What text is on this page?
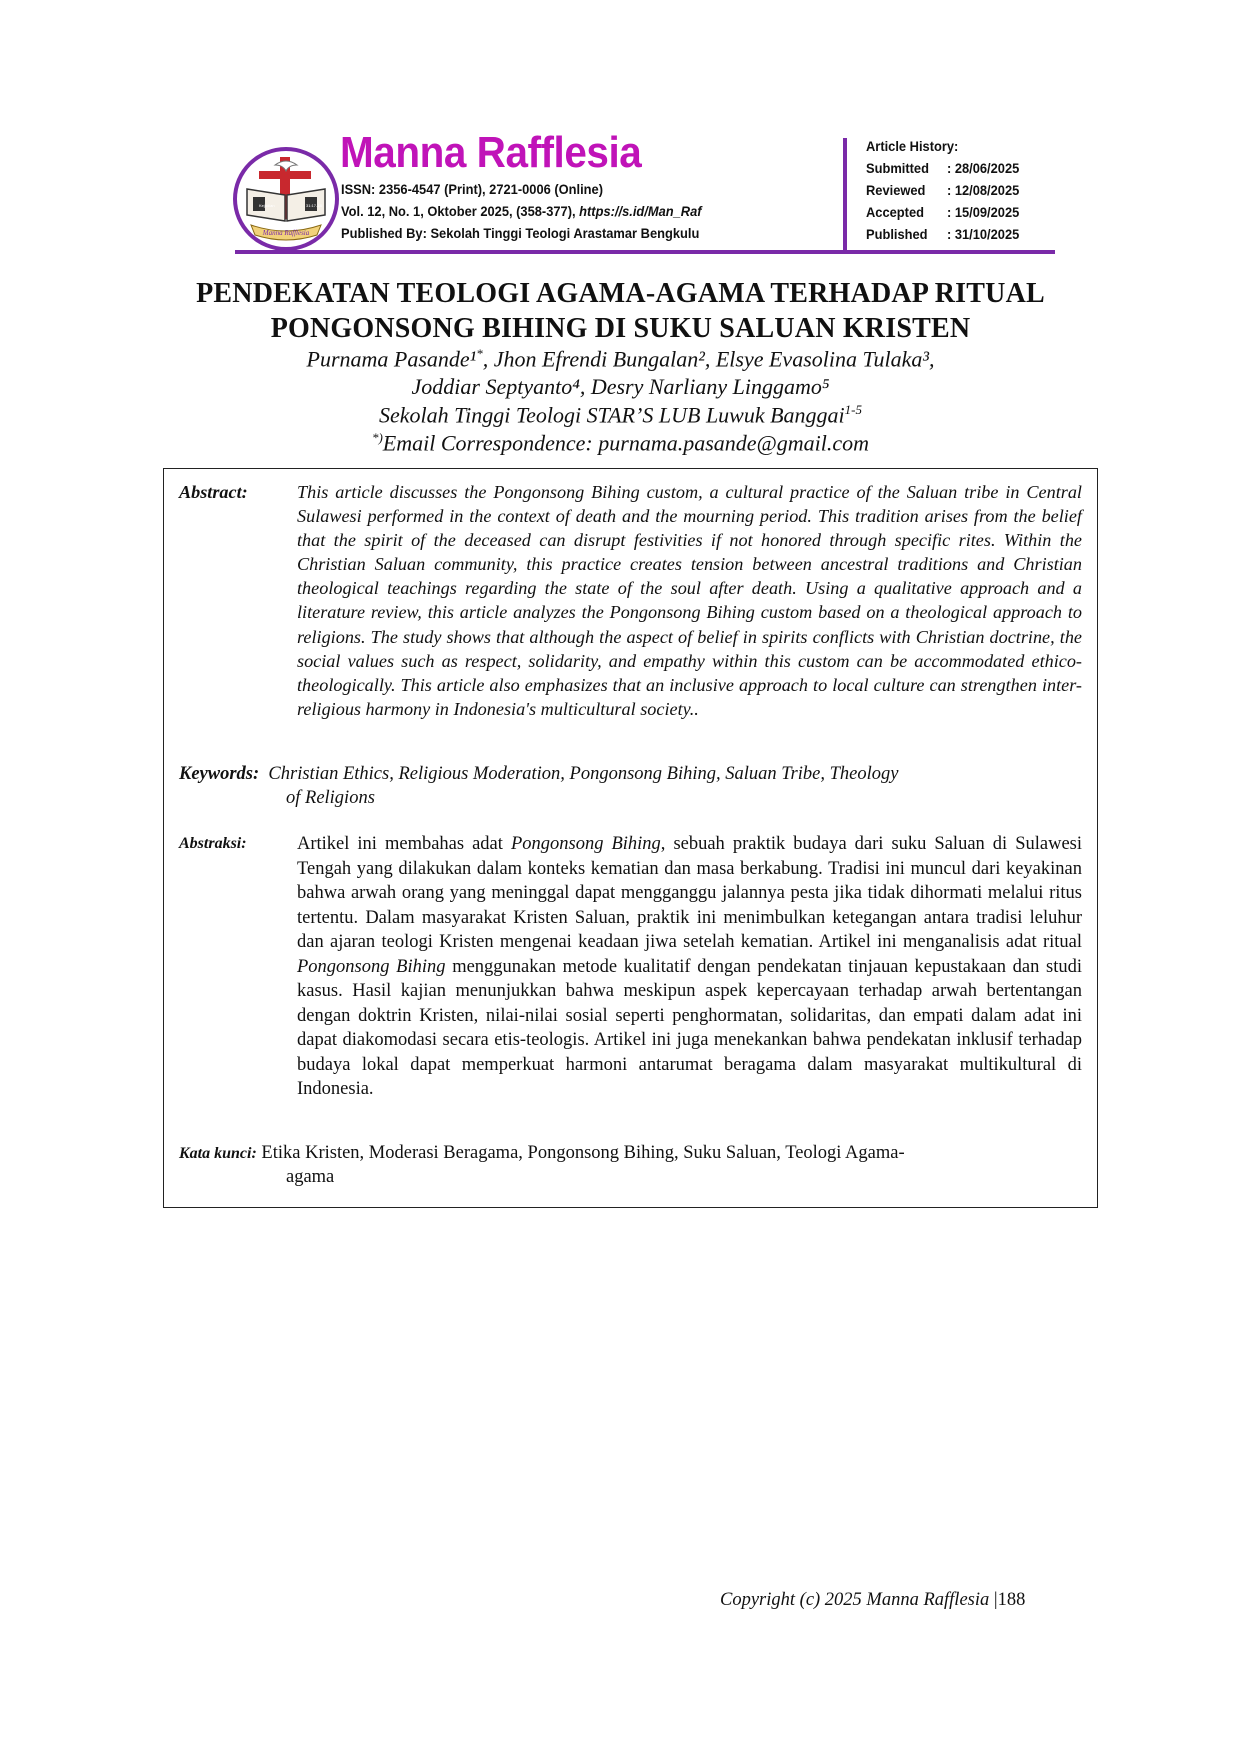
Manna Rafflesia
Kejadian	31:17-18
Manna Rafflesia
ISSN: 2356-4547 (Print), 2721-0006 (Online)
Vol. 12, No. 1, Oktober 2025, (358-377), https://s.id/Man_Raf
Published By: Sekolah Tinggi Teologi Arastamar Bengkulu
Article History:
Submitted : 28/06/2025
Reviewed : 12/08/2025
Accepted : 15/09/2025
Published : 31/10/2025
PENDEKATAN TEOLOGI AGAMA-AGAMA TERHADAP RITUAL
PONGONSONG BIHING DI SUKU SALUAN KRISTEN
Purnama Pasande¹*, Jhon Efrendi Bungalan², Elsye Evasolina Tulaka³,
Joddiar Septyanto⁴, Desry Narliany Linggamo⁵
Sekolah Tinggi Teologi STAR’S LUB Luwuk Banggai$^{1-5}$
*)Email Correspondence: purnama.pasande@gmail.com
Abstract:	This article discusses the Pongonsong Bihing custom, a cultural practice of the Saluan tribe in Central Sulawesi performed in the context of death and the mourning period. This tradition arises from the belief that the spirit of the deceased can disrupt festivities if not honored through specific rites. Within the Christian Saluan community, this practice creates tension between ancestral traditions and Christian theological teachings regarding the state of the soul after death. Using a qualitative approach and a literature review, this article analyzes the Pongonsong Bihing custom based on a theological approach to religions. The study shows that although the aspect of belief in spirits conflicts with Christian doctrine, the social values such as respect, solidarity, and empathy within this custom can be accommodated ethico-theologically. This article also emphasizes that an inclusive approach to local culture can strengthen inter-religious harmony in Indonesia's multicultural society..
Keywords: Christian Ethics, Religious Moderation, Pongonsong Bihing, Saluan Tribe, Theology
of Religions
Abstraksi:	Artikel ini membahas adat Pongonsong Bihing, sebuah praktik budaya dari suku Saluan di Sulawesi Tengah yang dilakukan dalam konteks kematian dan masa berkabung. Tradisi ini muncul dari keyakinan bahwa arwah orang yang meninggal dapat mengganggu jalannya pesta jika tidak dihormati melalui ritus tertentu. Dalam masyarakat Kristen Saluan, praktik ini menimbulkan ketegangan antara tradisi leluhur dan ajaran teologi Kristen mengenai keadaan jiwa setelah kematian. Artikel ini menganalisis adat ritual Pongonsong Bihing menggunakan metode kualitatif dengan pendekatan tinjauan kepustakaan dan studi kasus. Hasil kajian menunjukkan bahwa meskipun aspek kepercayaan terhadap arwah bertentangan dengan doktrin Kristen, nilai-nilai sosial seperti penghormatan, solidaritas, dan empati dalam adat ini dapat diakomodasi secara etis-teologis. Artikel ini juga menekankan bahwa pendekatan inklusif terhadap budaya lokal dapat memperkuat harmoni antarumat beragama dalam masyarakat multikultural di Indonesia.
Kata kunci: Etika Kristen, Moderasi Beragama, Pongonsong Bihing, Suku Saluan, Teologi Agama-
agama
Copyright (c) 2025 Manna Rafflesia |188
